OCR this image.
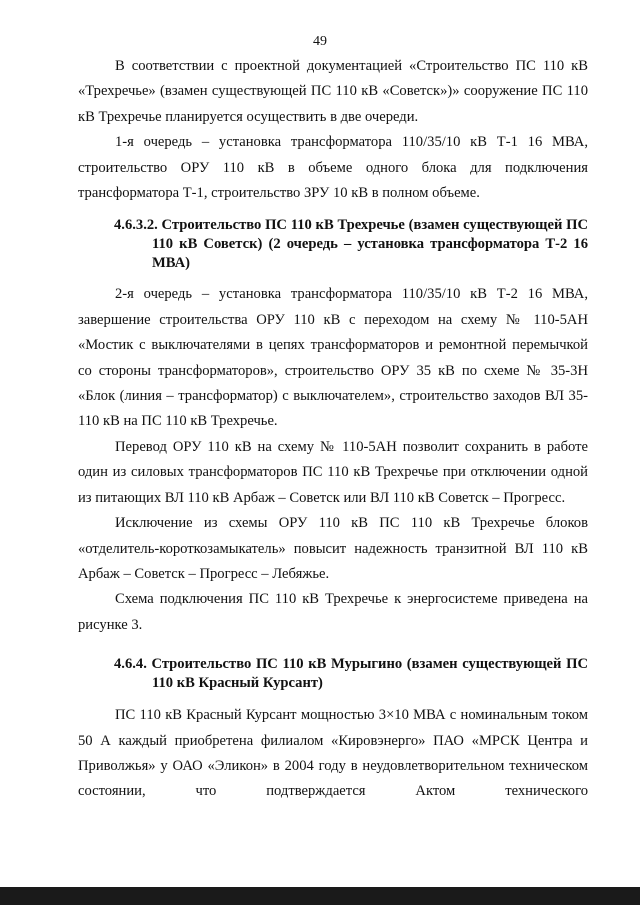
49

В соответствии с проектной документацией «Строительство ПС 110 кВ «Трехречье» (взамен существующей ПС 110 кВ «Советск»)» сооружение ПС 110 кВ Трехречье планируется осуществить в две очереди.

1-я очередь – установка трансформатора 110/35/10 кВ Т-1 16 МВА, строительство ОРУ 110 кВ в объеме одного блока для подключения трансформатора Т-1, строительство ЗРУ 10 кВ в полном объеме.

4.6.3.2. Строительство ПС 110 кВ Трехречье (взамен существующей ПС 110 кВ Советск) (2 очередь – установка трансформатора Т-2 16 МВА)

2-я очередь – установка трансформатора 110/35/10 кВ Т-2 16 МВА, завершение строительства ОРУ 110 кВ с переходом на схему № 110-5АН «Мостик с выключателями в цепях трансформаторов и ремонтной перемычкой со стороны трансформаторов», строительство ОРУ 35 кВ по схеме № 35-3Н «Блок (линия – трансформатор) с выключателем», строительство заходов ВЛ 35-110 кВ на ПС 110 кВ Трехречье.

Перевод ОРУ 110 кВ на схему № 110-5АН позволит сохранить в работе один из силовых трансформаторов ПС 110 кВ Трехречье при отключении одной из питающих ВЛ 110 кВ Арбаж – Советск или ВЛ 110 кВ Советск – Прогресс.

Исключение из схемы ОРУ 110 кВ ПС 110 кВ Трехречье блоков «отделитель-короткозамыкатель» повысит надежность транзитной ВЛ 110 кВ Арбаж – Советск – Прогресс – Лебяжье.

Схема подключения ПС 110 кВ Трехречье к энергосистеме приведена на рисунке 3.

4.6.4. Строительство ПС 110 кВ Мурыгино (взамен существующей ПС 110 кВ Красный Курсант)

ПС 110 кВ Красный Курсант мощностью 3×10 МВА с номинальным током 50 А каждый приобретена филиалом «Кировэнерго» ПАО «МРСК Центра и Приволжья» у ОАО «Эликон» в 2004 году в неудовлетворительном техническом состоянии, что подтверждается Актом технического
